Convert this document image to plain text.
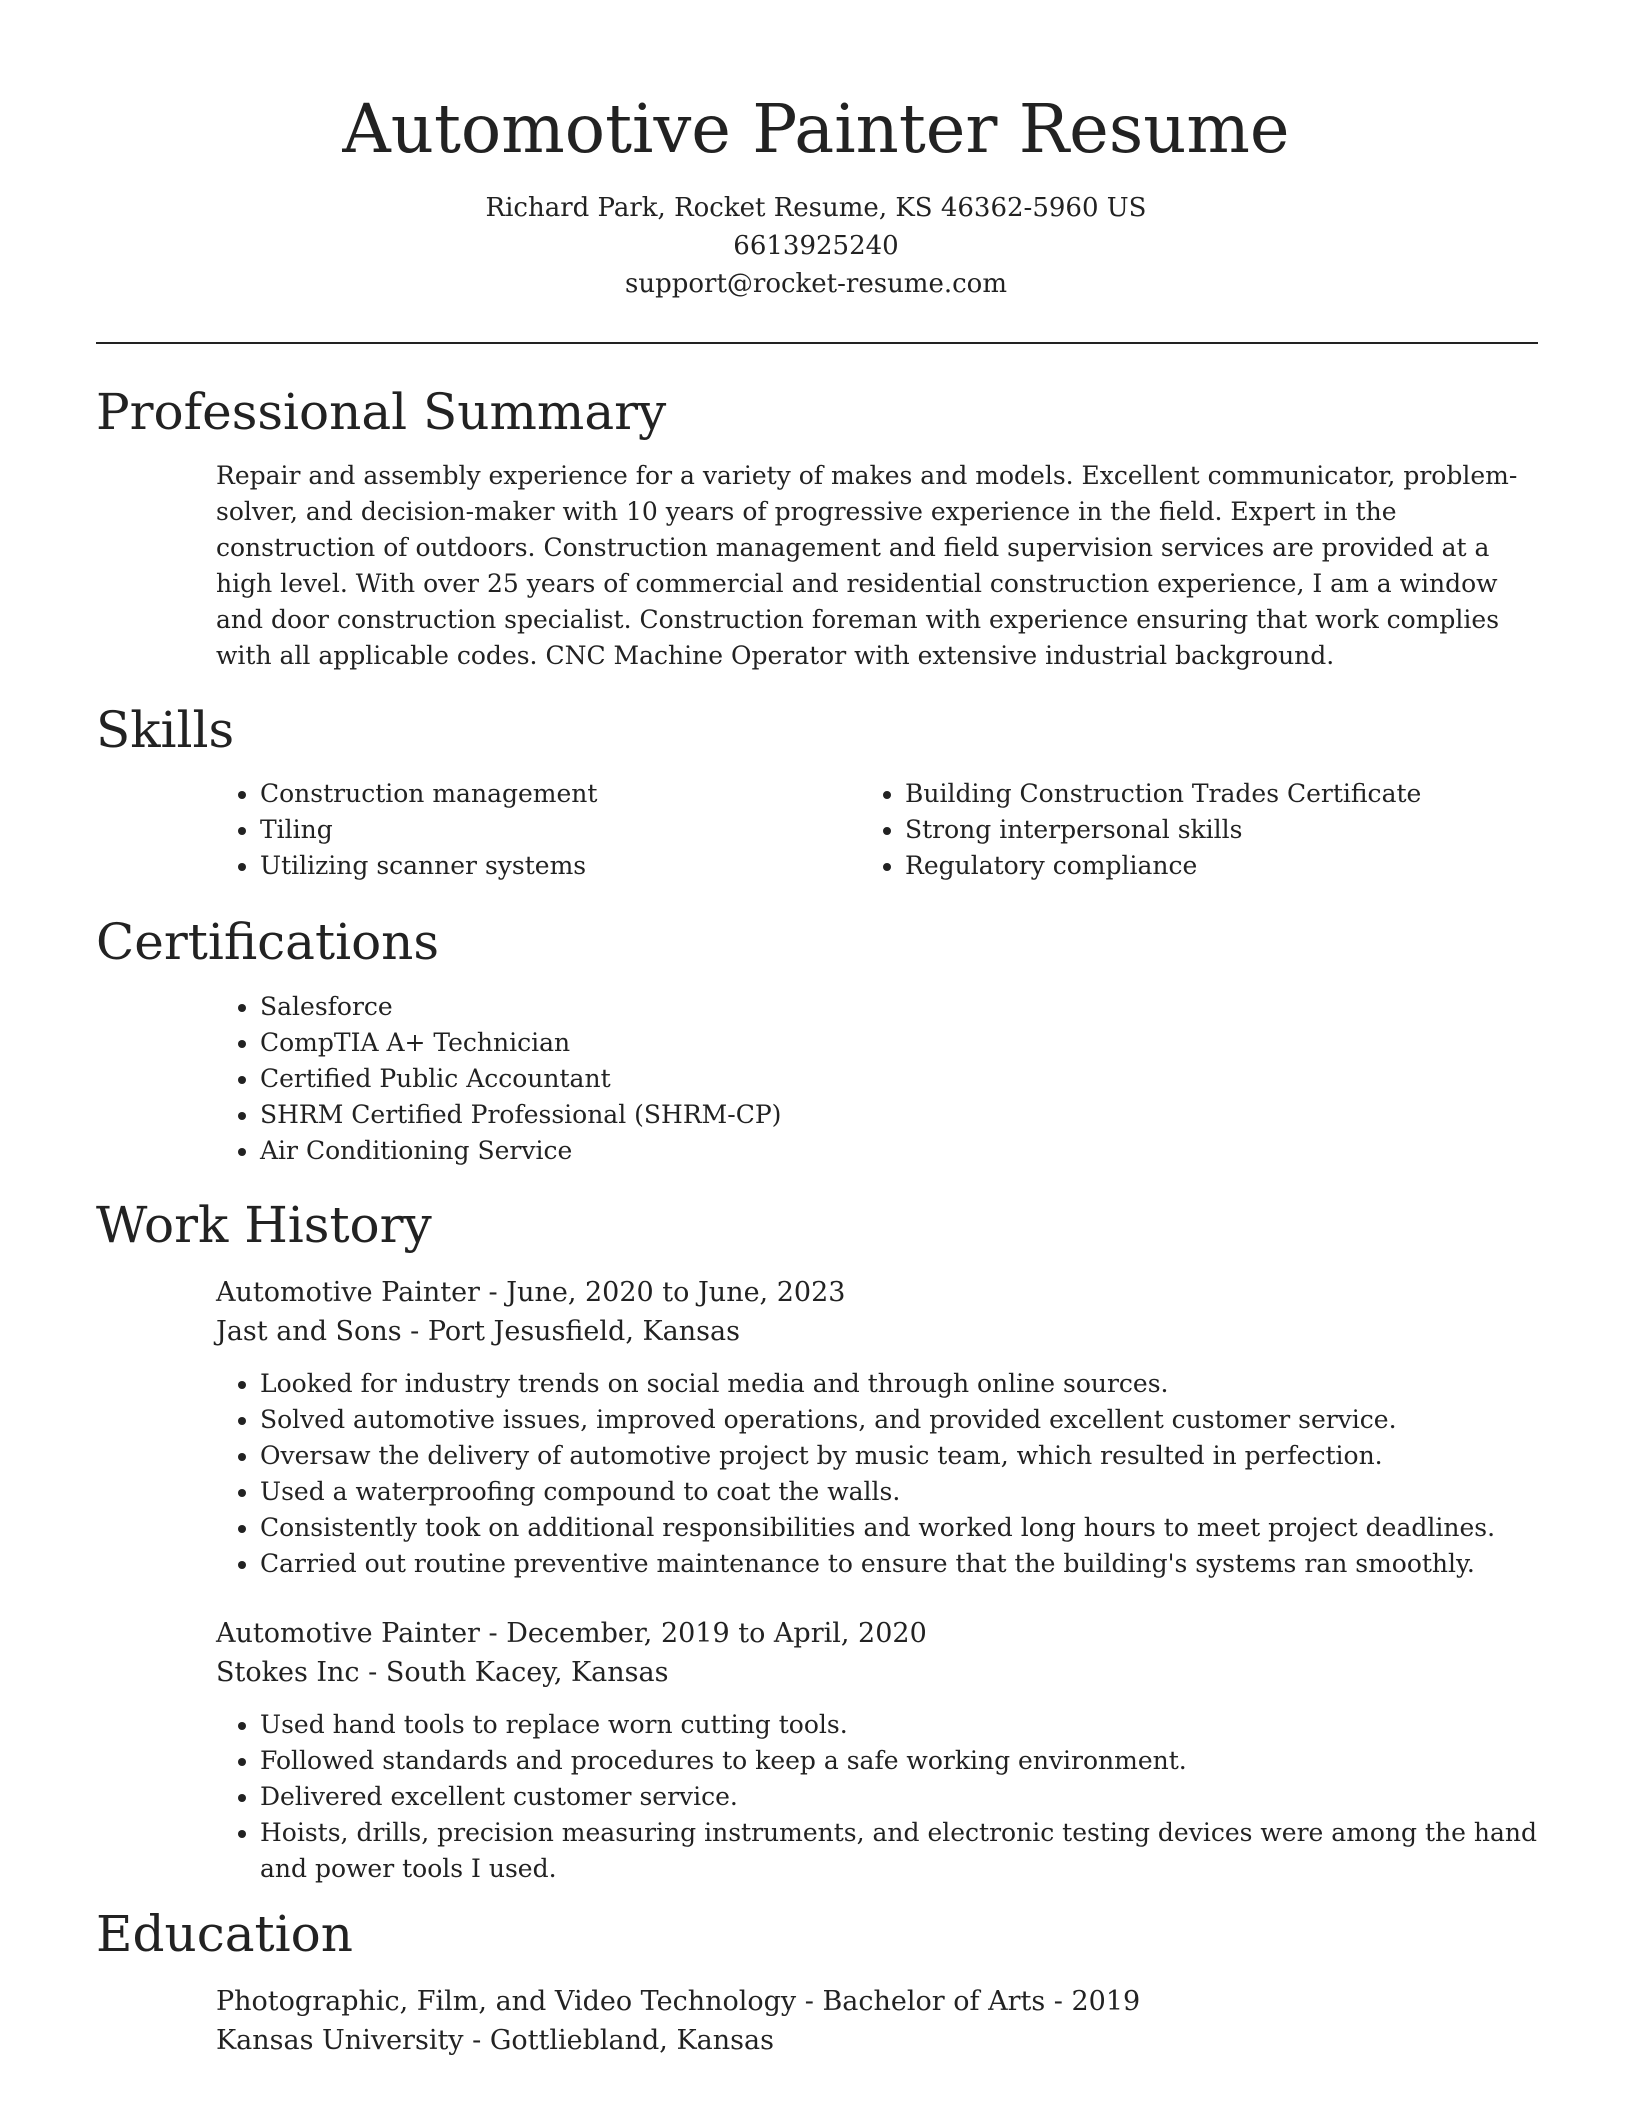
Automotive Painter Resume

Richard Park, Rocket Resume, KS 46362-5960 US

6613925240

support@rocket-resume.com

Professional Summary

Repair and assembly experience for a variety of makes and models. Excellent communicator, problem-solver, and decision-maker with 10 years of progressive experience in the field. Expert in the construction of outdoors. Construction management and field supervision services are provided at a high level. With over 25 years of commercial and residential construction experience, I am a window and door construction specialist. Construction foreman with experience ensuring that work complies with all applicable codes. CNC Machine Operator with extensive industrial background.

Skills
• Construction management
• Tiling
• Utilizing scanner systems
• Building Construction Trades Certificate
• Strong interpersonal skills
• Regulatory compliance
Certifications
• Salesforce
• CompTIA A+ Technician
• Certified Public Accountant
• SHRM Certified Professional (SHRM-CP)
• Air Conditioning Service
Work History

Automotive Painter - June, 2020 to June, 2023

Jast and Sons - Port Jesusfield, Kansas

• Looked for industry trends on social media and through online sources.
• Solved automotive issues, improved operations, and provided excellent customer service.
• Oversaw the delivery of automotive project by music team, which resulted in perfection.
• Used a waterproofing compound to coat the walls.
• Consistently took on additional responsibilities and worked long hours to meet project deadlines.
• Carried out routine preventive maintenance to ensure that the building's systems ran smoothly.

Automotive Painter - December, 2019 to April, 2020

Stokes Inc - South Kacey, Kansas

• Used hand tools to replace worn cutting tools.
• Followed standards and procedures to keep a safe working environment.
• Delivered excellent customer service.
• Hoists, drills, precision measuring instruments, and electronic testing devices were among the hand and power tools I used.
Education

Photographic, Film, and Video Technology - Bachelor of Arts - 2019

Kansas University - Gottliebland, Kansas
